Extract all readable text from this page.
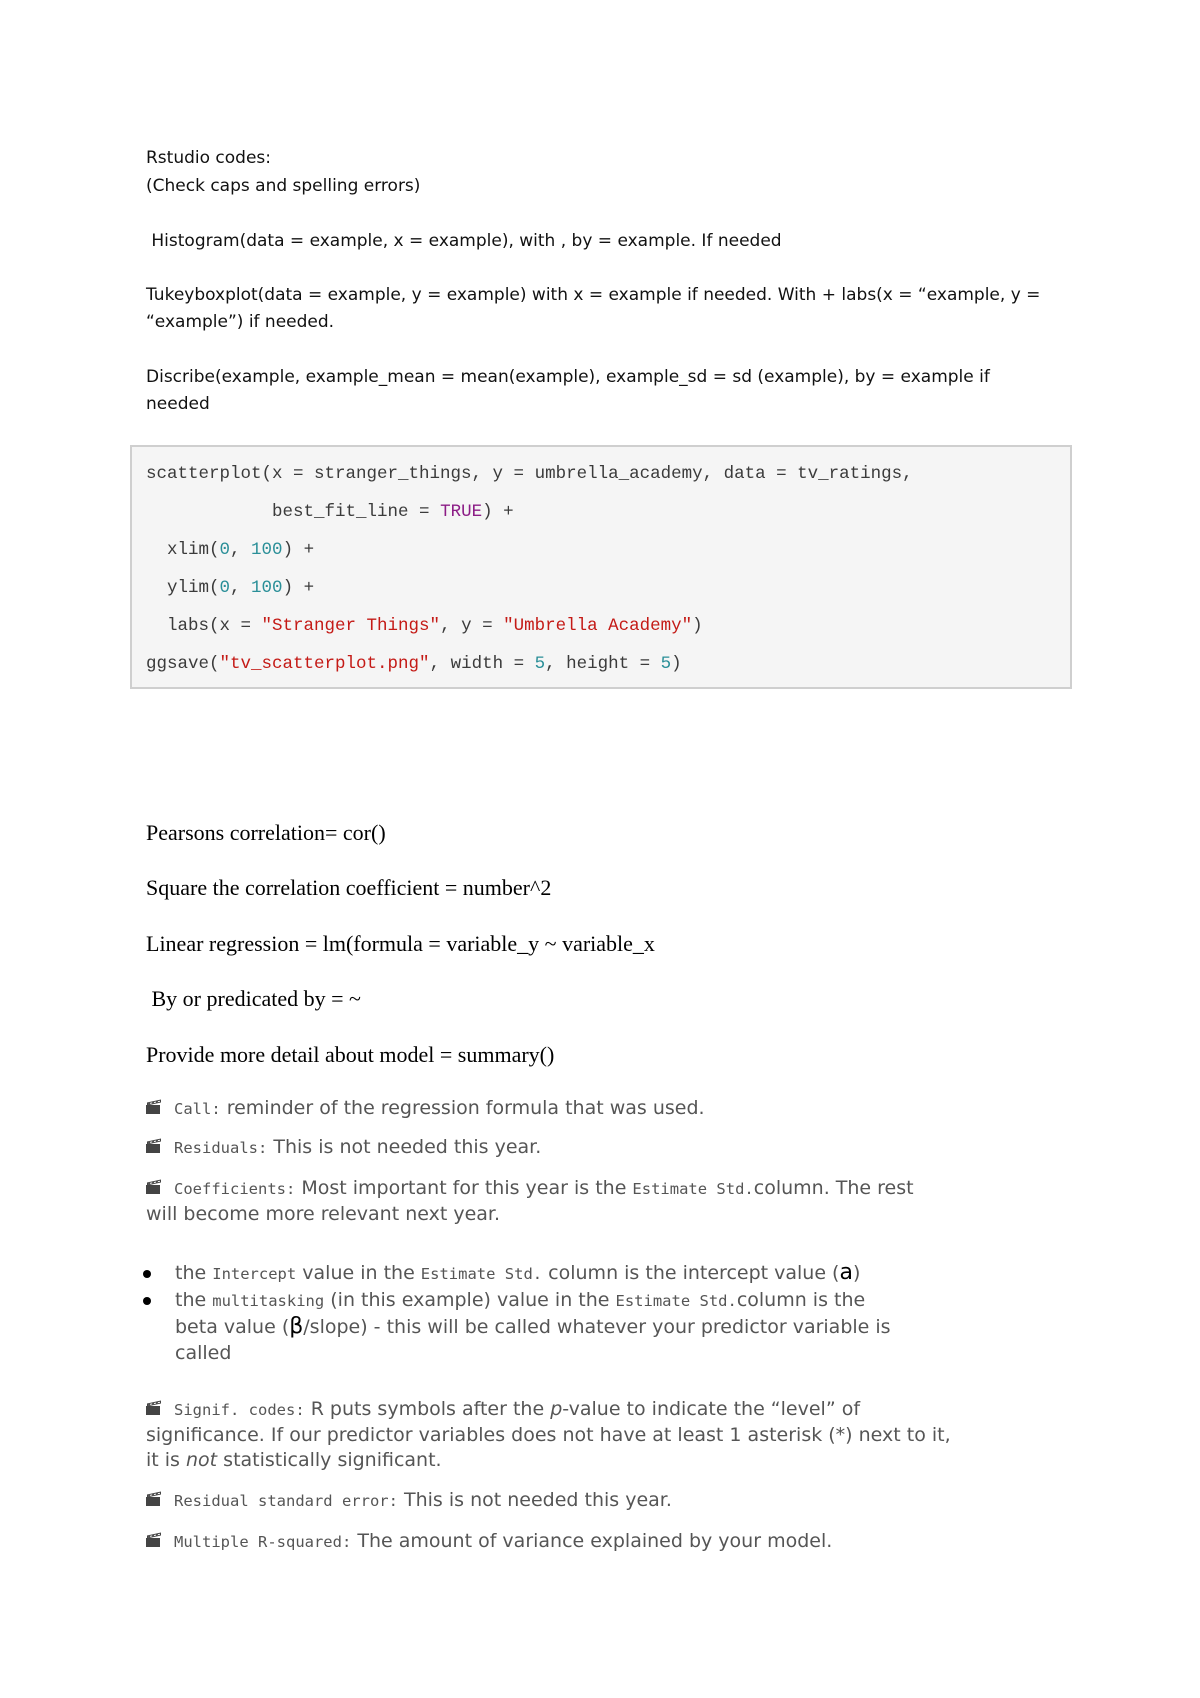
Rstudio codes:
(Check caps and spelling errors)
Histogram(data = example, x = example), with , by = example. If needed
Tukeyboxplot(data = example, y = example) with x = example if needed. With + labs(x = “example, y =
“example”) if needed.
Discribe(example, example_mean = mean(example), example_sd = sd (example), by = example if
needed
scatterplot(x = stranger_things, y = umbrella_academy, data = tv_ratings,
best_fit_line = TRUE) +
xlim(0, 100) +
ylim(0, 100) +
labs(x = "Stranger Things", y = "Umbrella Academy")
ggsave("tv_scatterplot.png", width = 5, height = 5)
Pearsons correlation= cor()
Square the correlation coefficient = number^2
Linear regression = lm(formula = variable_y ~ variable_x
By or predicated by = ~
Provide more detail about model = summary()
Call: reminder of the regression formula that was used.
Residuals: This is not needed this year.
Coefficients: Most important for this year is the Estimate Std.column. The rest
will become more relevant next year.
the Intercept value in the Estimate Std. column is the intercept value (a)
the multitasking (in this example) value in the Estimate Std.column is the
beta value (β/slope) - this will be called whatever your predictor variable is
called
Signif. codes: R puts symbols after the p-value to indicate the “level” of
significance. If our predictor variables does not have at least 1 asterisk (*) next to it,
it is not statistically significant.
Residual standard error: This is not needed this year.
Multiple R-squared: The amount of variance explained by your model.
